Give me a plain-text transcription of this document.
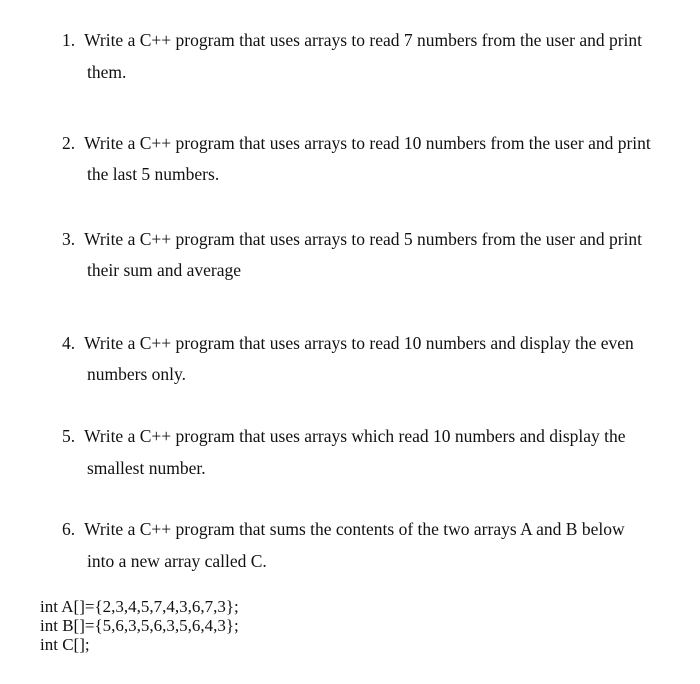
1. Write a C++ program that uses arrays to read 7 numbers from the user and print

them.

2. Write a C++ program that uses arrays to read 10 numbers from the user and print

the last 5 numbers.

3. Write a C++ program that uses arrays to read 5 numbers from the user and print

their sum and average

4. Write a C++ program that uses arrays to read 10 numbers and display the even

numbers only.

5. Write a C++ program that uses arrays which read 10 numbers and display the

smallest number.

6. Write a C++ program that sums the contents of the two arrays A and B below

into a new array called C.

int A[]={2,3,4,5,7,4,3,6,7,3};

int B[]={5,6,3,5,6,3,5,6,4,3};

int C[];
